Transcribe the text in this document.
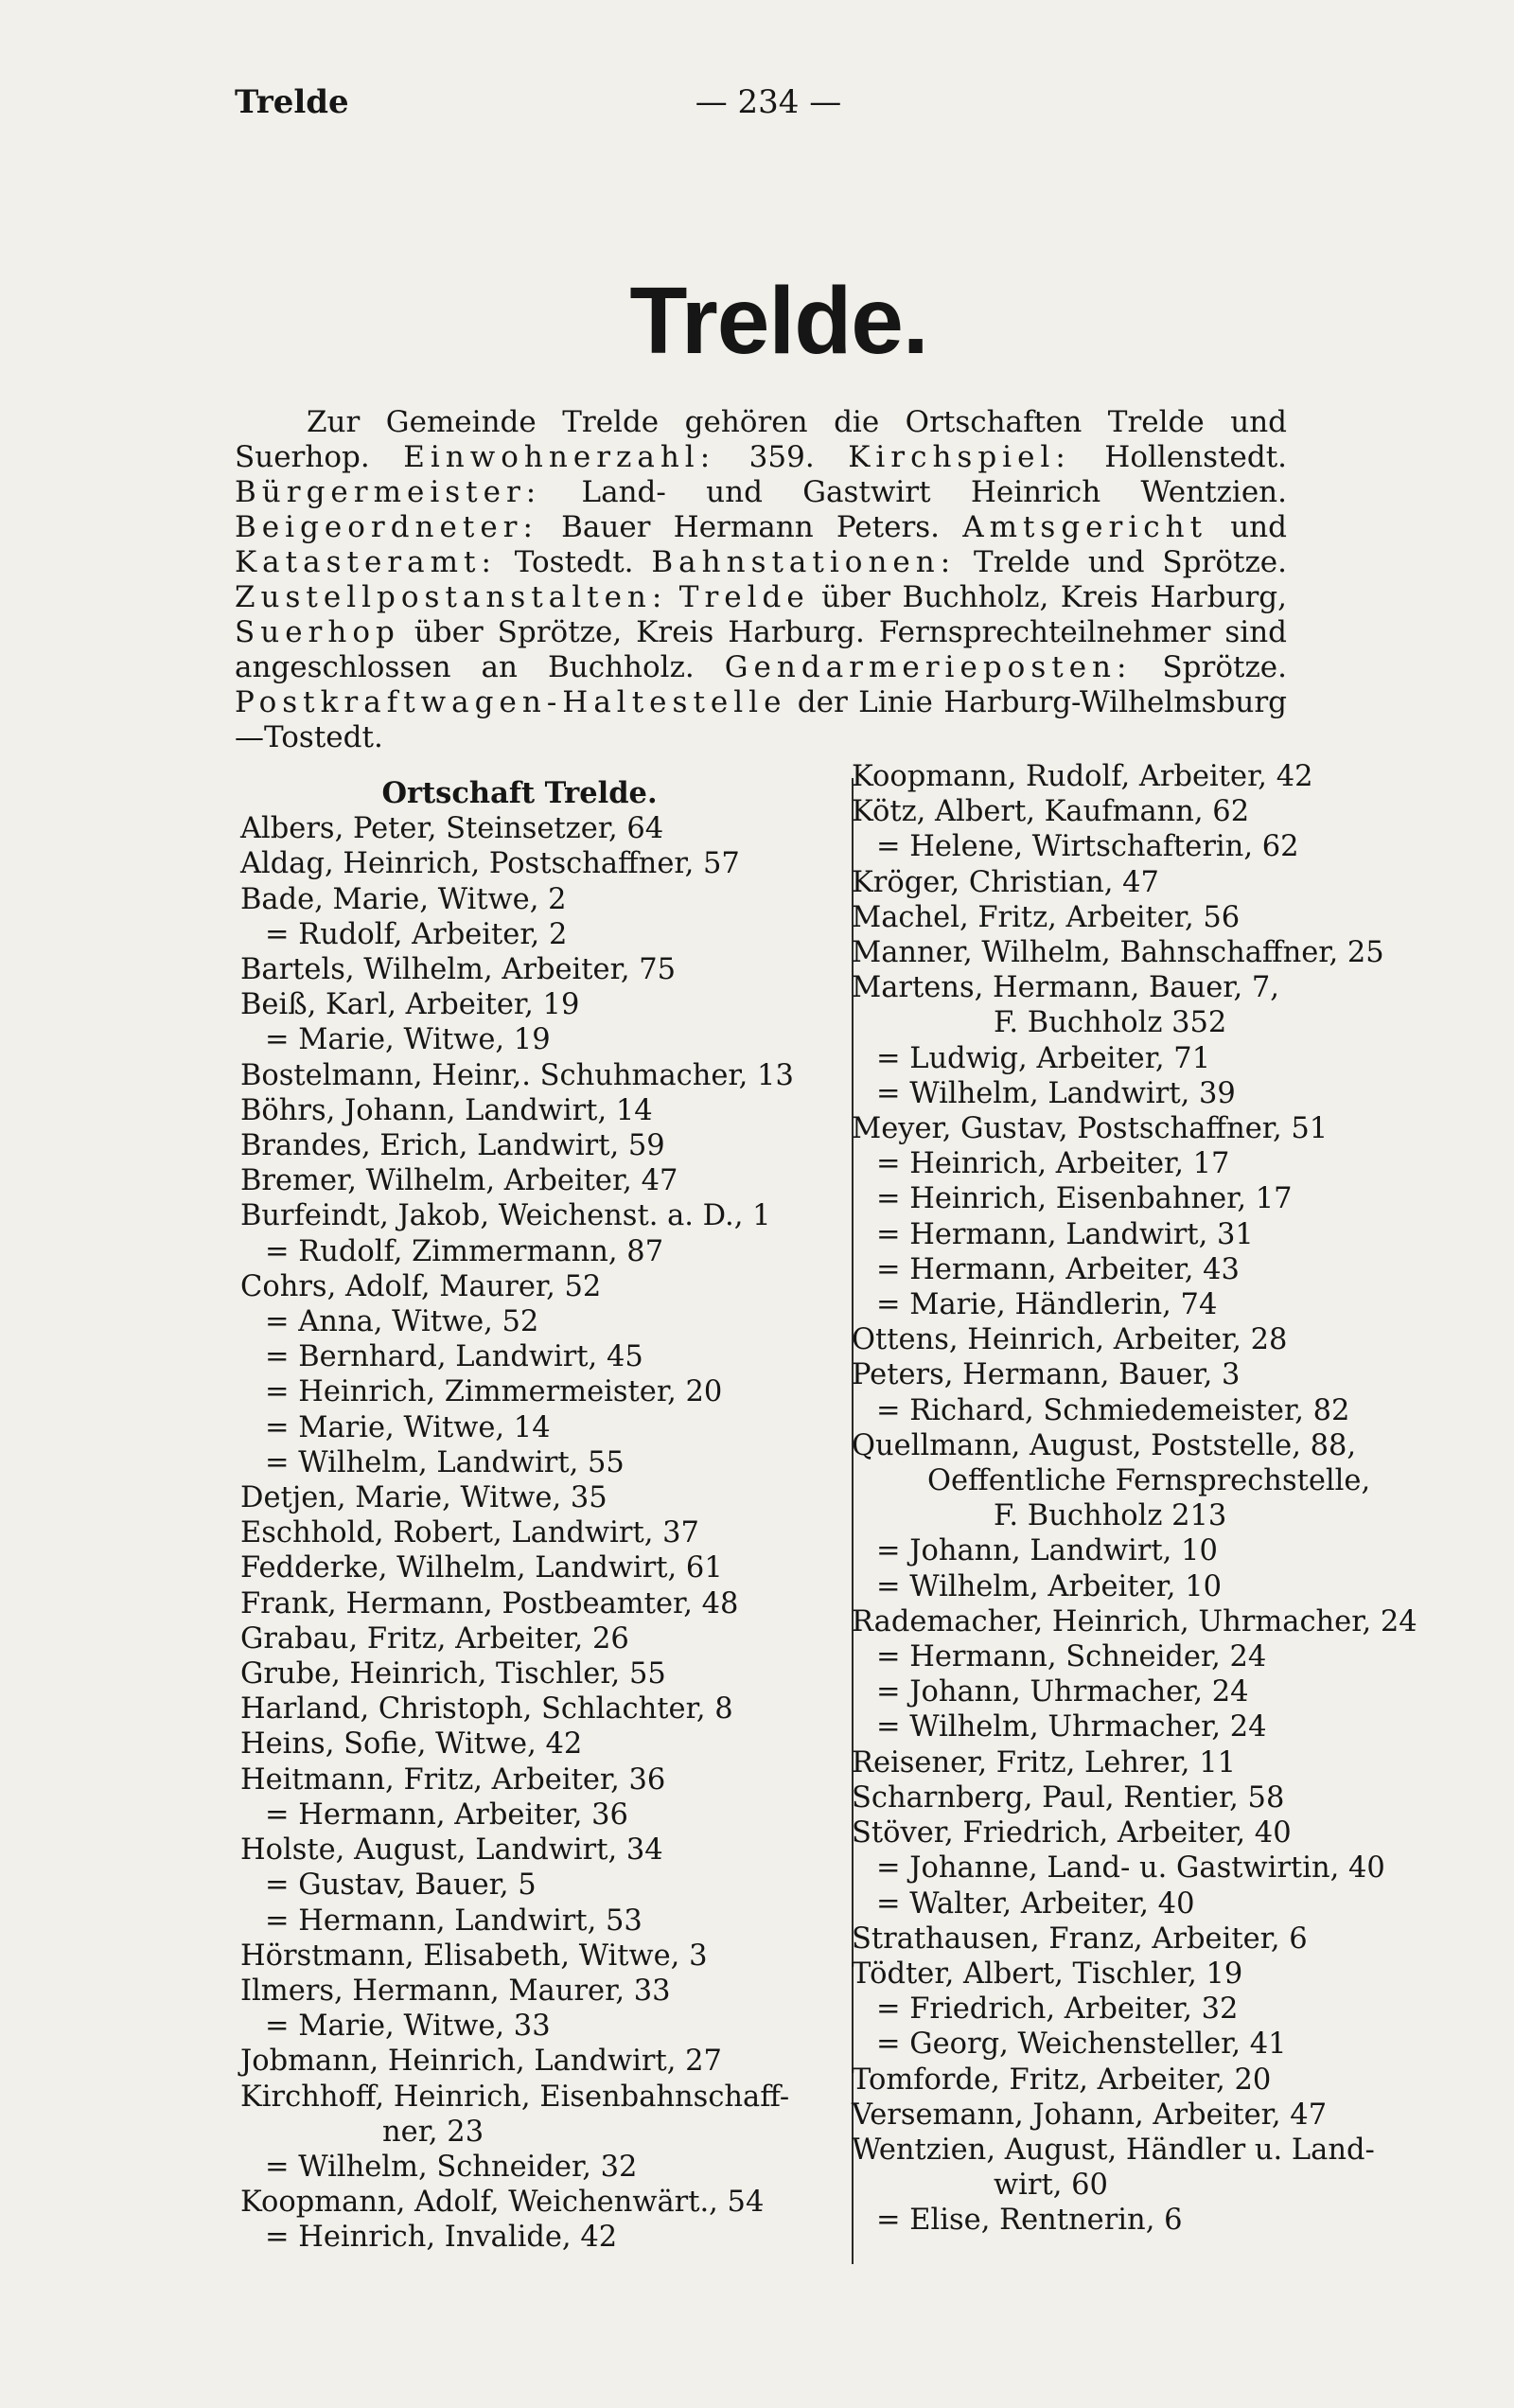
Trelde	— 234 —
Trelde.

Zur Gemeinde Trelde gehören die Ortschaften Trelde und Suerhop. Einwohnerzahl: 359. Kirchspiel: Hollenstedt. Bürgermeister: Land- und Gastwirt Heinrich Wentzien. Beigeordneter: Bauer Hermann Peters. Amtsgericht und Katasteramt: Tostedt. Bahnstationen: Trelde und Sprötze. Zustellpostanstalten: Trelde über Buchholz, Kreis Harburg, Suerhop über Sprötze, Kreis Harburg. Fernsprechteilnehmer sind angeschlossen an Buchholz. Gendarmerieposten: Sprötze. Postkraftwagen-Haltestelle der Linie Harburg-Wilhelmsburg—Tostedt.

Ortschaft Trelde.
Albers, Peter, Steinsetzer, 64
Aldag, Heinrich, Postschaffner, 57
Bade, Marie, Witwe, 2
= Rudolf, Arbeiter, 2
Bartels, Wilhelm, Arbeiter, 75
Beiß, Karl, Arbeiter, 19
= Marie, Witwe, 19
Bostelmann, Heinr,. Schuhmacher, 13
Böhrs, Johann, Landwirt, 14
Brandes, Erich, Landwirt, 59
Bremer, Wilhelm, Arbeiter, 47
Burfeindt, Jakob, Weichenst. a. D., 1
= Rudolf, Zimmermann, 87
Cohrs, Adolf, Maurer, 52
= Anna, Witwe, 52
= Bernhard, Landwirt, 45
= Heinrich, Zimmermeister, 20
= Marie, Witwe, 14
= Wilhelm, Landwirt, 55
Detjen, Marie, Witwe, 35
Eschhold, Robert, Landwirt, 37
Fedderke, Wilhelm, Landwirt, 61
Frank, Hermann, Postbeamter, 48
Grabau, Fritz, Arbeiter, 26
Grube, Heinrich, Tischler, 55
Harland, Christoph, Schlachter, 8
Heins, Sofie, Witwe, 42
Heitmann, Fritz, Arbeiter, 36
= Hermann, Arbeiter, 36
Holste, August, Landwirt, 34
= Gustav, Bauer, 5
= Hermann, Landwirt, 53
Hörstmann, Elisabeth, Witwe, 3
Ilmers, Hermann, Maurer, 33
= Marie, Witwe, 33
Jobmann, Heinrich, Landwirt, 27
Kirchhoff, Heinrich, Eisenbahnschaff-
ner, 23
= Wilhelm, Schneider, 32
Koopmann, Adolf, Weichenwärt., 54
= Heinrich, Invalide, 42
Koopmann, Rudolf, Arbeiter, 42
Kötz, Albert, Kaufmann, 62
= Helene, Wirtschafterin, 62
Kröger, Christian, 47
Machel, Fritz, Arbeiter, 56
Manner, Wilhelm, Bahnschaffner, 25
Martens, Hermann, Bauer, 7,
F. Buchholz 352
= Ludwig, Arbeiter, 71
= Wilhelm, Landwirt, 39
Meyer, Gustav, Postschaffner, 51
= Heinrich, Arbeiter, 17
= Heinrich, Eisenbahner, 17
= Hermann, Landwirt, 31
= Hermann, Arbeiter, 43
= Marie, Händlerin, 74
Ottens, Heinrich, Arbeiter, 28
Peters, Hermann, Bauer, 3
= Richard, Schmiedemeister, 82
Quellmann, August, Poststelle, 88,
Oeffentliche Fernsprechstelle,
F. Buchholz 213
= Johann, Landwirt, 10
= Wilhelm, Arbeiter, 10
Rademacher, Heinrich, Uhrmacher, 24
= Hermann, Schneider, 24
= Johann, Uhrmacher, 24
= Wilhelm, Uhrmacher, 24
Reisener, Fritz, Lehrer, 11
Scharnberg, Paul, Rentier, 58
Stöver, Friedrich, Arbeiter, 40
= Johanne, Land- u. Gastwirtin, 40
= Walter, Arbeiter, 40
Strathausen, Franz, Arbeiter, 6
Tödter, Albert, Tischler, 19
= Friedrich, Arbeiter, 32
= Georg, Weichensteller, 41
Tomforde, Fritz, Arbeiter, 20
Versemann, Johann, Arbeiter, 47
Wentzien, August, Händler u. Land-
wirt, 60
= Elise, Rentnerin, 6
